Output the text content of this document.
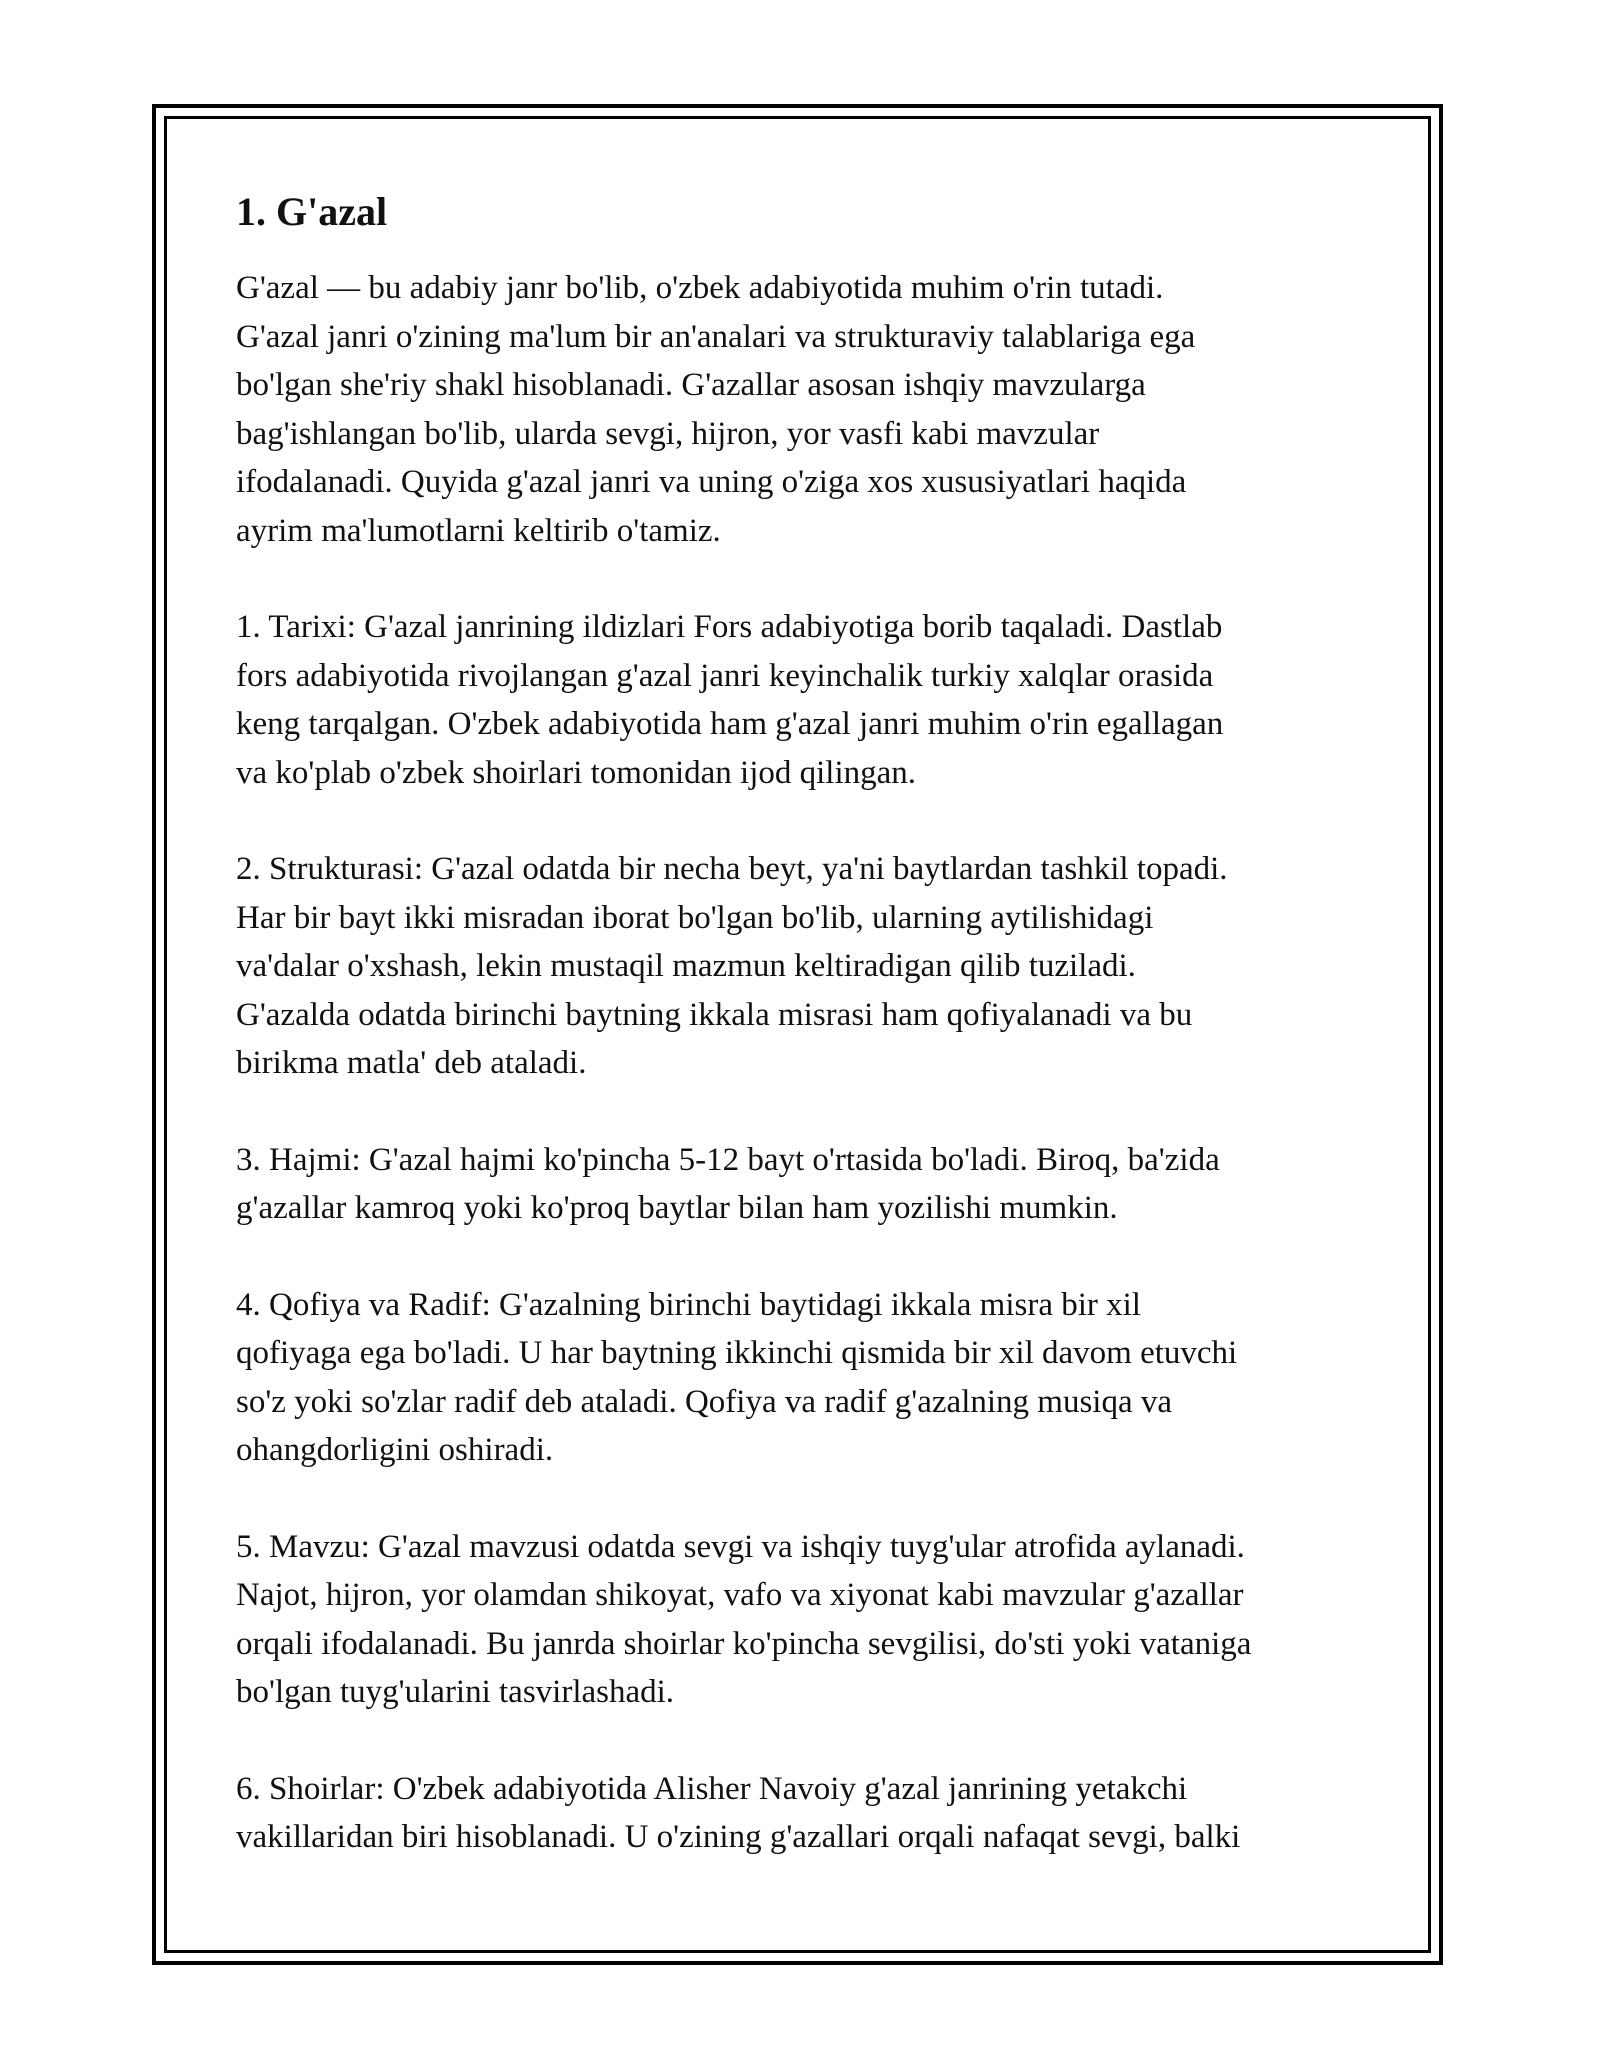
1. G'azal

G'azal — bu adabiy janr bo'lib, o'zbek adabiyotida muhim o'rin tutadi.
G'azal janri o'zining ma'lum bir an'analari va strukturaviy talablariga ega
bo'lgan she'riy shakl hisoblanadi. G'azallar asosan ishqiy mavzularga
bag'ishlangan bo'lib, ularda sevgi, hijron, yor vasfi kabi mavzular
ifodalanadi. Quyida g'azal janri va uning o'ziga xos xususiyatlari haqida
ayrim ma'lumotlarni keltirib o'tamiz.

1. Tarixi: G'azal janrining ildizlari Fors adabiyotiga borib taqaladi. Dastlab
fors adabiyotida rivojlangan g'azal janri keyinchalik turkiy xalqlar orasida
keng tarqalgan. O'zbek adabiyotida ham g'azal janri muhim o'rin egallagan
va ko'plab o'zbek shoirlari tomonidan ijod qilingan.

2. Strukturasi: G'azal odatda bir necha beyt, ya'ni baytlardan tashkil topadi.
Har bir bayt ikki misradan iborat bo'lgan bo'lib, ularning aytilishidagi
va'dalar o'xshash, lekin mustaqil mazmun keltiradigan qilib tuziladi.
G'azalda odatda birinchi baytning ikkala misrasi ham qofiyalanadi va bu
birikma matla' deb ataladi.

3. Hajmi: G'azal hajmi ko'pincha 5-12 bayt o'rtasida bo'ladi. Biroq, ba'zida
g'azallar kamroq yoki ko'proq baytlar bilan ham yozilishi mumkin.

4. Qofiya va Radif: G'azalning birinchi baytidagi ikkala misra bir xil
qofiyaga ega bo'ladi. U har baytning ikkinchi qismida bir xil davom etuvchi
so'z yoki so'zlar radif deb ataladi. Qofiya va radif g'azalning musiqa va
ohangdorligini oshiradi.

5. Mavzu: G'azal mavzusi odatda sevgi va ishqiy tuyg'ular atrofida aylanadi.
Najot, hijron, yor olamdan shikoyat, vafo va xiyonat kabi mavzular g'azallar
orqali ifodalanadi. Bu janrda shoirlar ko'pincha sevgilisi, do'sti yoki vataniga
bo'lgan tuyg'ularini tasvirlashadi.

6. Shoirlar: O'zbek adabiyotida Alisher Navoiy g'azal janrining yetakchi
vakillaridan biri hisoblanadi. U o'zining g'azallari orqali nafaqat sevgi, balki
